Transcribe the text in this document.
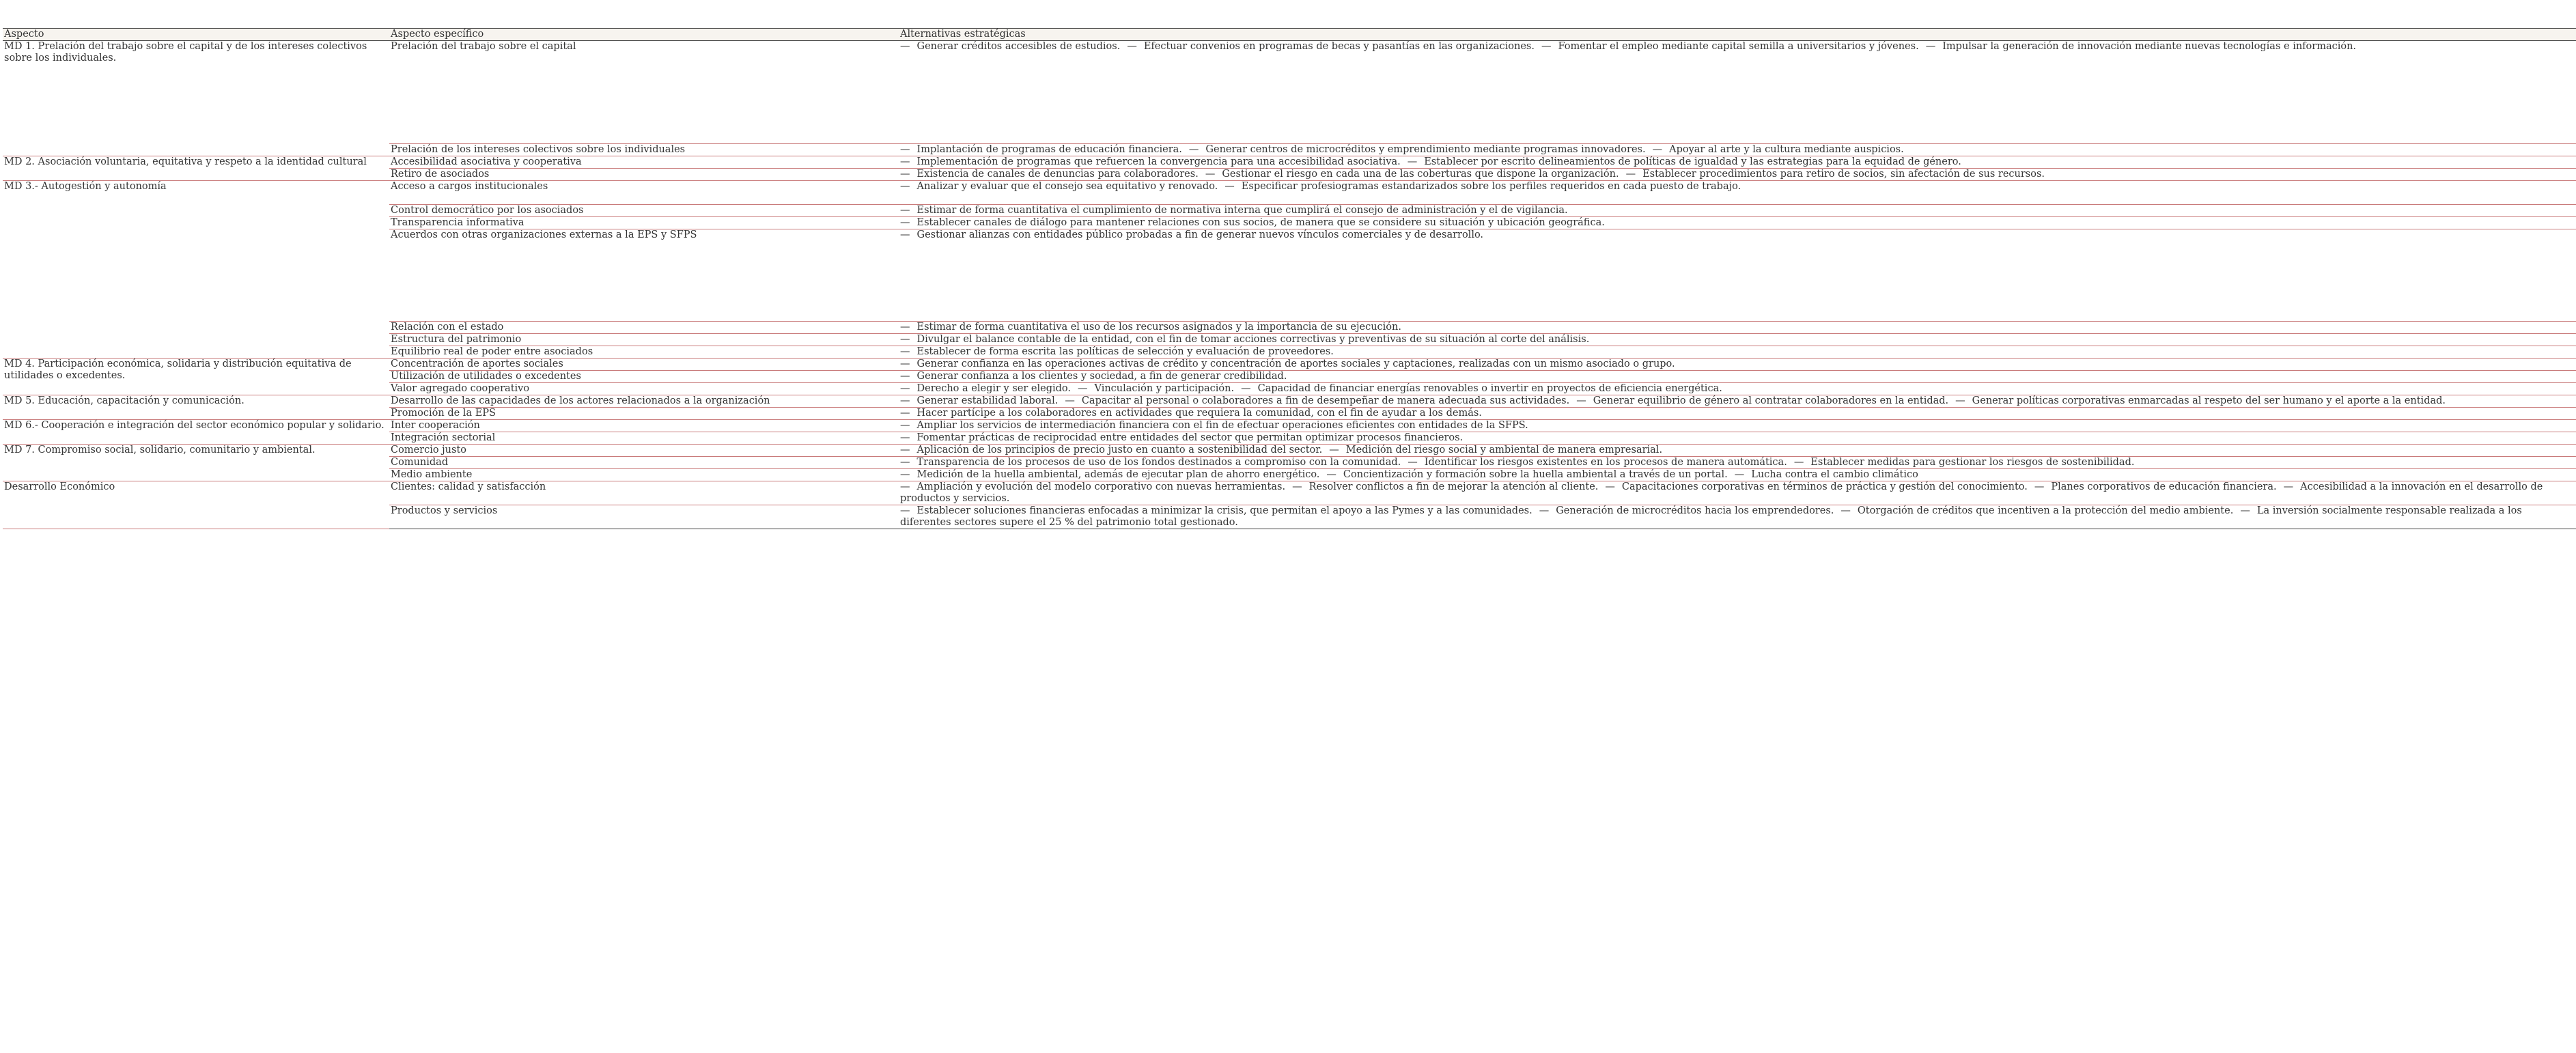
Aspecto	Aspecto específico	Alternativas estratégicas
MD 1. Prelación del trabajo sobre el capital y de los intereses colectivos sobre los individuales.	Prelación del trabajo sobre el capital	— Generar créditos accesibles de estudios. — Efectuar convenios en programas de becas y pasantías en las organizaciones. — Fomentar el empleo mediante capital semilla a universitarios y jóvenes. — Impulsar la generación de innovación mediante nuevas tecnologías e información.
	Prelación de los intereses colectivos sobre los individuales	— Implantación de programas de educación financiera. — Generar centros de microcréditos y emprendimiento mediante programas innovadores. — Apoyar al arte y la cultura mediante auspicios.
MD 2. Asociación voluntaria, equitativa y respeto a la identidad cultural	Accesibilidad asociativa y cooperativa	— Implementación de programas que refuercen la convergencia para una accesibilidad asociativa. — Establecer por escrito delineamientos de políticas de igualdad y las estrategias para la equidad de género.
	Retiro de asociados	— Existencia de canales de denuncias para colaboradores. — Gestionar el riesgo en cada una de las coberturas que dispone la organización. — Establecer procedimientos para retiro de socios, sin afectación de sus recursos.
MD 3.- Autogestión y autonomía	Acceso a cargos institucionales	— Analizar y evaluar que el consejo sea equitativo y renovado. — Especificar profesiogramas estandarizados sobre los perfiles requeridos en cada puesto de trabajo.
	Control democrático por los asociados	— Estimar de forma cuantitativa el cumplimiento de normativa interna que cumplirá el consejo de administración y el de vigilancia.
	Transparencia informativa	— Establecer canales de diálogo para mantener relaciones con sus socios, de manera que se considere su situación y ubicación geográfica.
	Acuerdos con otras organizaciones externas a la EPS y SFPS	— Gestionar alianzas con entidades público probadas a fin de generar nuevos vínculos comerciales y de desarrollo.
	Relación con el estado	— Estimar de forma cuantitativa el uso de los recursos asignados y la importancia de su ejecución.
	Estructura del patrimonio	— Divulgar el balance contable de la entidad, con el fin de tomar acciones correctivas y preventivas de su situación al corte del análisis.
	Equilibrio real de poder entre asociados	— Establecer de forma escrita las políticas de selección y evaluación de proveedores.
MD 4. Participación económica, solidaria y distribución equitativa de utilidades o excedentes.	Concentración de aportes sociales	— Generar confianza en las operaciones activas de crédito y concentración de aportes sociales y captaciones, realizadas con un mismo asociado o grupo.
	Utilización de utilidades o excedentes	— Generar confianza a los clientes y sociedad, a fin de generar credibilidad.
	Valor agregado cooperativo	— Derecho a elegir y ser elegido. — Vinculación y participación. — Capacidad de financiar energías renovables o invertir en proyectos de eficiencia energética.
MD 5. Educación, capacitación y comunicación.	Desarrollo de las capacidades de los actores relacionados a la organización	— Generar estabilidad laboral. — Capacitar al personal o colaboradores a fin de desempeñar de manera adecuada sus actividades. — Generar equilibrio de género al contratar colaboradores en la entidad. — Generar políticas corporativas enmarcadas al respeto del ser humano y el aporte a la entidad.
	Promoción de la EPS	— Hacer partícipe a los colaboradores en actividades que requiera la comunidad, con el fin de ayudar a los demás.
MD 6.- Cooperación e integración del sector económico popular y solidario.	Inter cooperación	— Ampliar los servicios de intermediación financiera con el fin de efectuar operaciones eficientes con entidades de la SFPS.
	Integración sectorial	— Fomentar prácticas de reciprocidad entre entidades del sector que permitan optimizar procesos financieros.
MD 7. Compromiso social, solidario, comunitario y ambiental.	Comercio justo	— Aplicación de los principios de precio justo en cuanto a sostenibilidad del sector. — Medición del riesgo social y ambiental de manera empresarial.
	Comunidad	— Transparencia de los procesos de uso de los fondos destinados a compromiso con la comunidad. — Identificar los riesgos existentes en los procesos de manera automática. — Establecer medidas para gestionar los riesgos de sostenibilidad.
	Medio ambiente	— Medición de la huella ambiental, además de ejecutar plan de ahorro energético. — Concientización y formación sobre la huella ambiental a través de un portal. — Lucha contra el cambio climático
Desarrollo Económico	Clientes: calidad y satisfacción	— Ampliación y evolución del modelo corporativo con nuevas herramientas. — Resolver conflictos a fin de mejorar la atención al cliente. — Capacitaciones corporativas en términos de práctica y gestión del conocimiento. — Planes corporativos de educación financiera. — Accesibilidad a la innovación en el desarrollo de productos y servicios.
	Productos y servicios	— Establecer soluciones financieras enfocadas a minimizar la crisis, que permitan el apoyo a las Pymes y a las comunidades. — Generación de microcréditos hacia los emprendedores. — Otorgación de créditos que incentiven a la protección del medio ambiente. — La inversión socialmente responsable realizada a los diferentes sectores supere el 25 % del patrimonio total gestionado.
